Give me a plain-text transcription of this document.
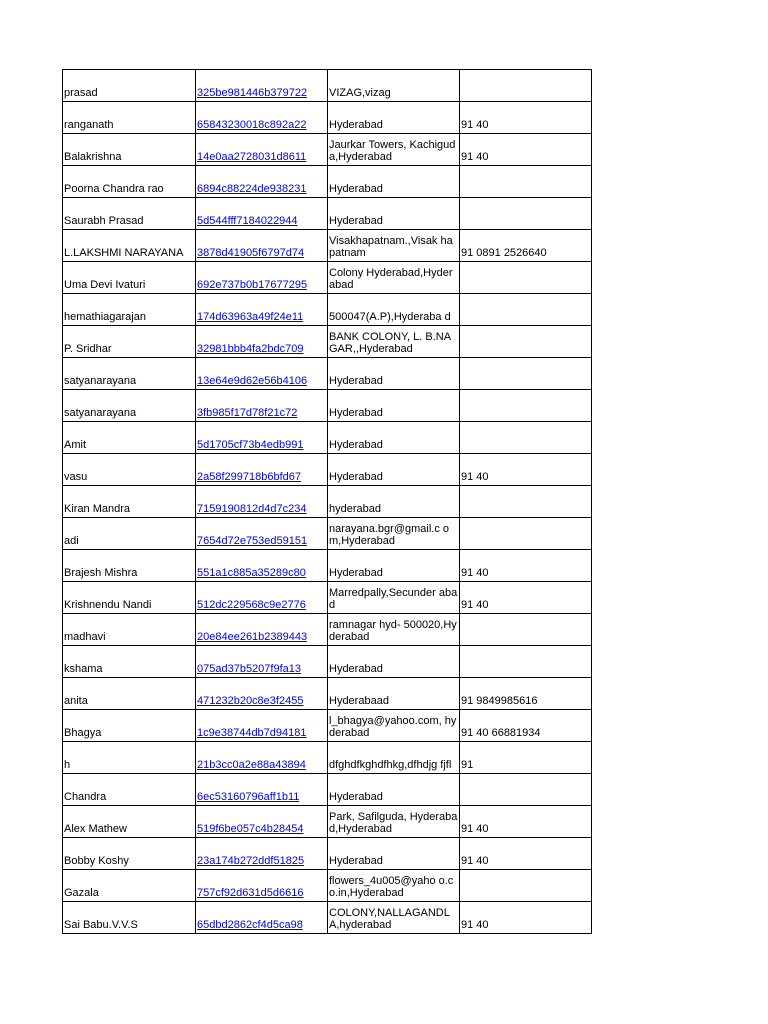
prasad	325be981446b379722	VIZAG,vizag	

ranganath	65843230018c892a22	Hyderabad	91 40

Balakrishna	14e0aa2728031d8611	Jaurkar Towers, Kachiguda,Hyderabad	91 40

Poorna Chandra rao	6894c88224de938231	Hyderabad	

Saurabh Prasad	5d544fff7184022944	Hyderabad	

L.LAKSHMI NARAYANA	3878d41905f6797d74	Visakhapatnam.,Visak hapatnam	91 0891 2526640

Uma Devi Ivaturi	692e737b0b17677295	Colony Hyderabad,Hyderabad	

hemathiagarajan	174d63963a49f24e11	500047(A.P),Hyderaba d	

P. Sridhar	32981bbb4fa2bdc709	BANK COLONY, L. B.NAGAR,,Hyderabad	

satyanarayana	13e64e9d62e56b4106	Hyderabad	

satyanarayana	3fb985f17d78f21c72	Hyderabad	

Amit	5d1705cf73b4edb991	Hyderabad	

vasu	2a58f299718b6bfd67	Hyderabad	91 40

Kiran Mandra	7159190812d4d7c234	hyderabad	

adi	7654d72e753ed59151	narayana.bgr@gmail.c om,Hyderabad	

Brajesh Mishra	551a1c885a35289c80	Hyderabad	91 40

Krishnendu Nandi	512dc229568c9e2776	Marredpally,Secunder abad	91 40

madhavi	20e84ee261b2389443	ramnagar hyd- 500020,Hyderabad	

kshama	075ad37b5207f9fa13	Hyderabad	

anita	471232b20c8e3f2455	Hyderabaad	91 9849985616

Bhagya	1c9e38744db7d94181	l_bhagya@yahoo.com, hyderabad	91 40 66881934

h	21b3cc0a2e88a43894	dfghdfkghdfhkg,dfhdjg fjfl	91

Chandra	6ec53160796aff1b11	Hyderabad	

Alex Mathew	519f6be057c4b28454	Park, Safilguda, Hyderabad,Hyderabad	91 40

Bobby Koshy	23a174b272ddf51825	Hyderabad	91 40

Gazala	757cf92d631d5d6616	flowers_4u005@yaho o.co.in,Hyderabad	

Sai Babu.V.V.S	65dbd2862cf4d5ca98	COLONY,NALLAGANDL A,hyderabad	91 40
